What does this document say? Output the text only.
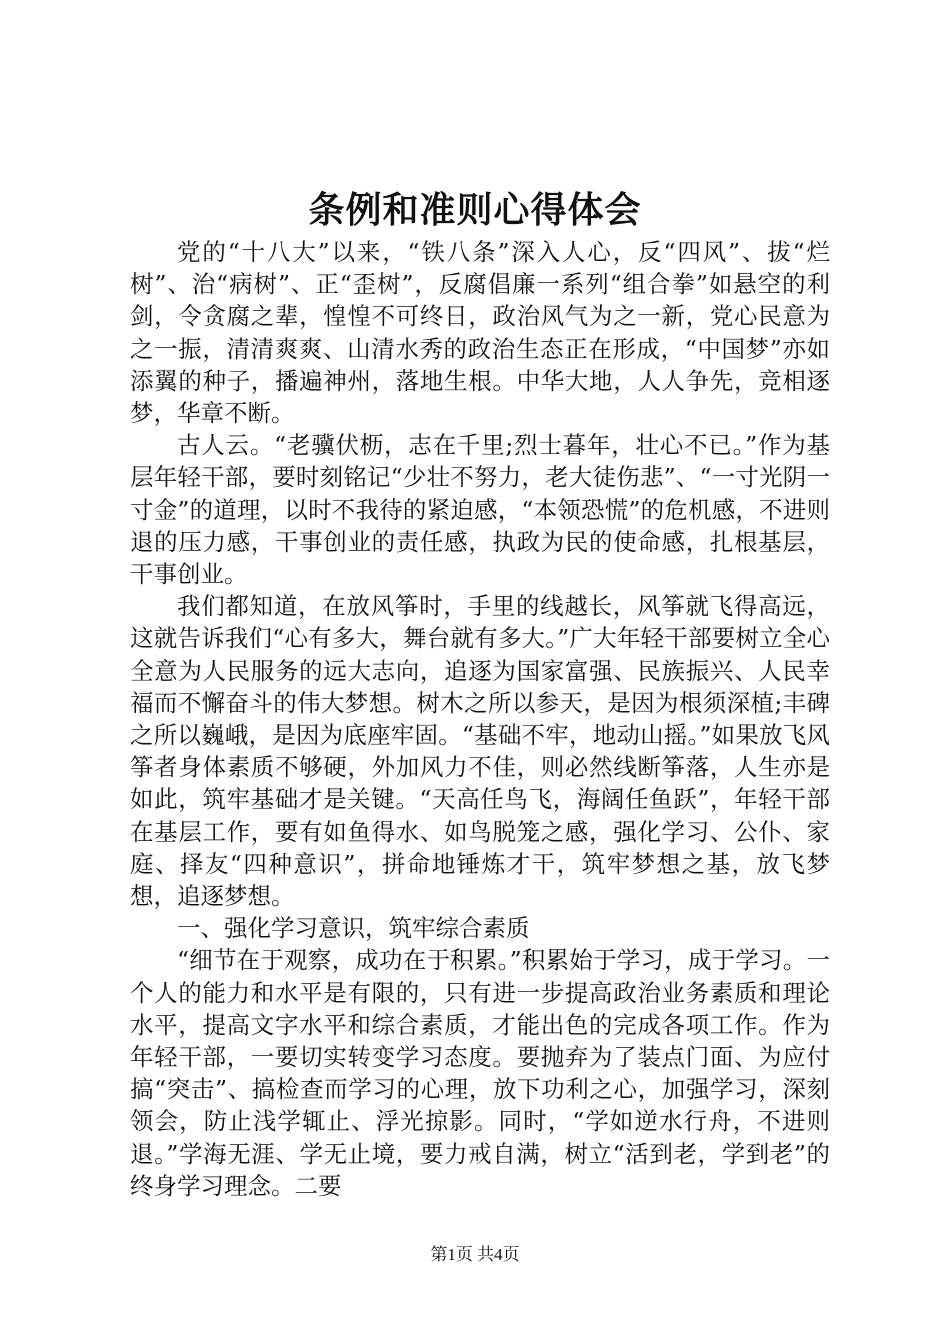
条例和准则心得体会

党的“十八大”以来，“铁八条”深入人心，反“四风”、拔“烂树”、治“病树”、正“歪树”，反腐倡廉一系列“组合拳”如悬空的利剑，令贪腐之辈，惶惶不可终日，政治风气为之一新，党心民意为之一振，清清爽爽、山清水秀的政治生态正在形成，“中国梦”亦如添翼的种子，播遍神州，落地生根。中华大地，人人争先，竞相逐梦，华章不断。

古人云。“老骥伏枥，志在千里;烈士暮年，壮心不已。”作为基层年轻干部，要时刻铭记“少壮不努力，老大徒伤悲”、“一寸光阴一寸金”的道理，以时不我待的紧迫感，“本领恐慌”的危机感，不进则退的压力感，干事创业的责任感，执政为民的使命感，扎根基层，干事创业。

我们都知道，在放风筝时，手里的线越长，风筝就飞得高远，这就告诉我们“心有多大，舞台就有多大。”广大年轻干部要树立全心全意为人民服务的远大志向，追逐为国家富强、民族振兴、人民幸福而不懈奋斗的伟大梦想。树木之所以参天，是因为根须深植;丰碑之所以巍峨，是因为底座牢固。“基础不牢，地动山摇。”如果放飞风筝者身体素质不够硬，外加风力不佳，则必然线断筝落，人生亦是如此，筑牢基础才是关键。“天高任鸟飞，海阔任鱼跃”，年轻干部在基层工作，要有如鱼得水、如鸟脱笼之感，强化学习、公仆、家庭、择友“四种意识”，拼命地锤炼才干，筑牢梦想之基，放飞梦想，追逐梦想。

一、强化学习意识，筑牢综合素质

“细节在于观察，成功在于积累。”积累始于学习，成于学习。一个人的能力和水平是有限的，只有进一步提高政治业务素质和理论水平，提高文字水平和综合素质，才能出色的完成各项工作。作为年轻干部，一要切实转变学习态度。要抛弃为了装点门面、为应付搞“突击”、搞检查而学习的心理，放下功利之心，加强学习，深刻领会，防止浅学辄止、浮光掠影。同时，“学如逆水行舟，不进则退。”学海无涯、学无止境，要力戒自满，树立“活到老，学到老”的终身学习理念。二要

第1页 共4页
